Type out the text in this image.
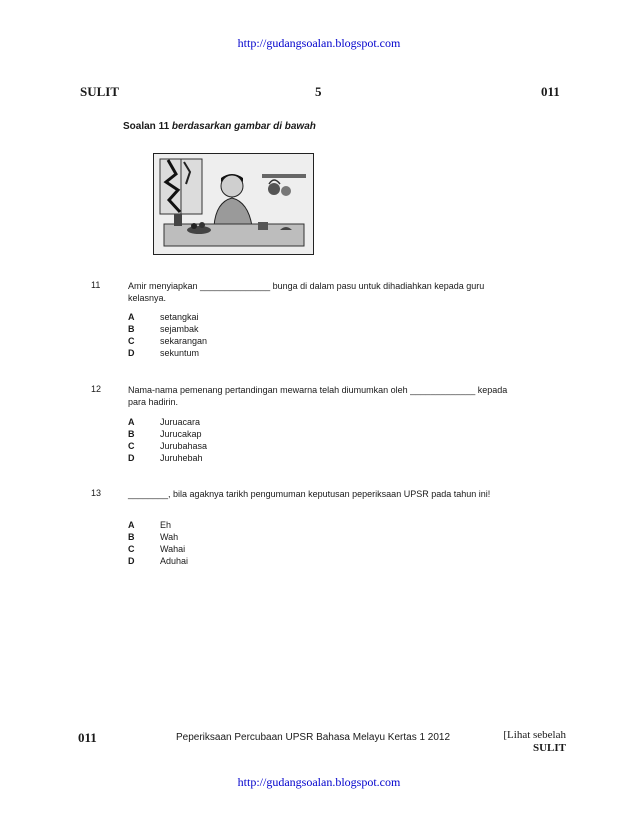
http://gudangsoalan.blogspot.com
SULIT	5	011
Soalan 11 berdasarkan gambar di bawah
11	Amir menyiapkan ______________ bunga di dalam pasu untuk dihadiahkan kepada guru kelasnya.
A	setangkai
B	sejambak
C	sekarangan
D	sekuntum
12	Nama-nama pemenang pertandingan mewarna telah diumumkan oleh _____________ kepada para hadirin.
A	Juruacara
B	Jurucakap
C	Jurubahasa
D	Juruhebah
13	________, bila agaknya tarikh pengumuman keputusan peperiksaan UPSR pada tahun ini!
A	Eh
B	Wah
C	Wahai
D	Aduhai
011	Peperiksaan Percubaan UPSR Bahasa Melayu Kertas 1 2012	[Lihat sebelah
SULIT
http://gudangsoalan.blogspot.com
